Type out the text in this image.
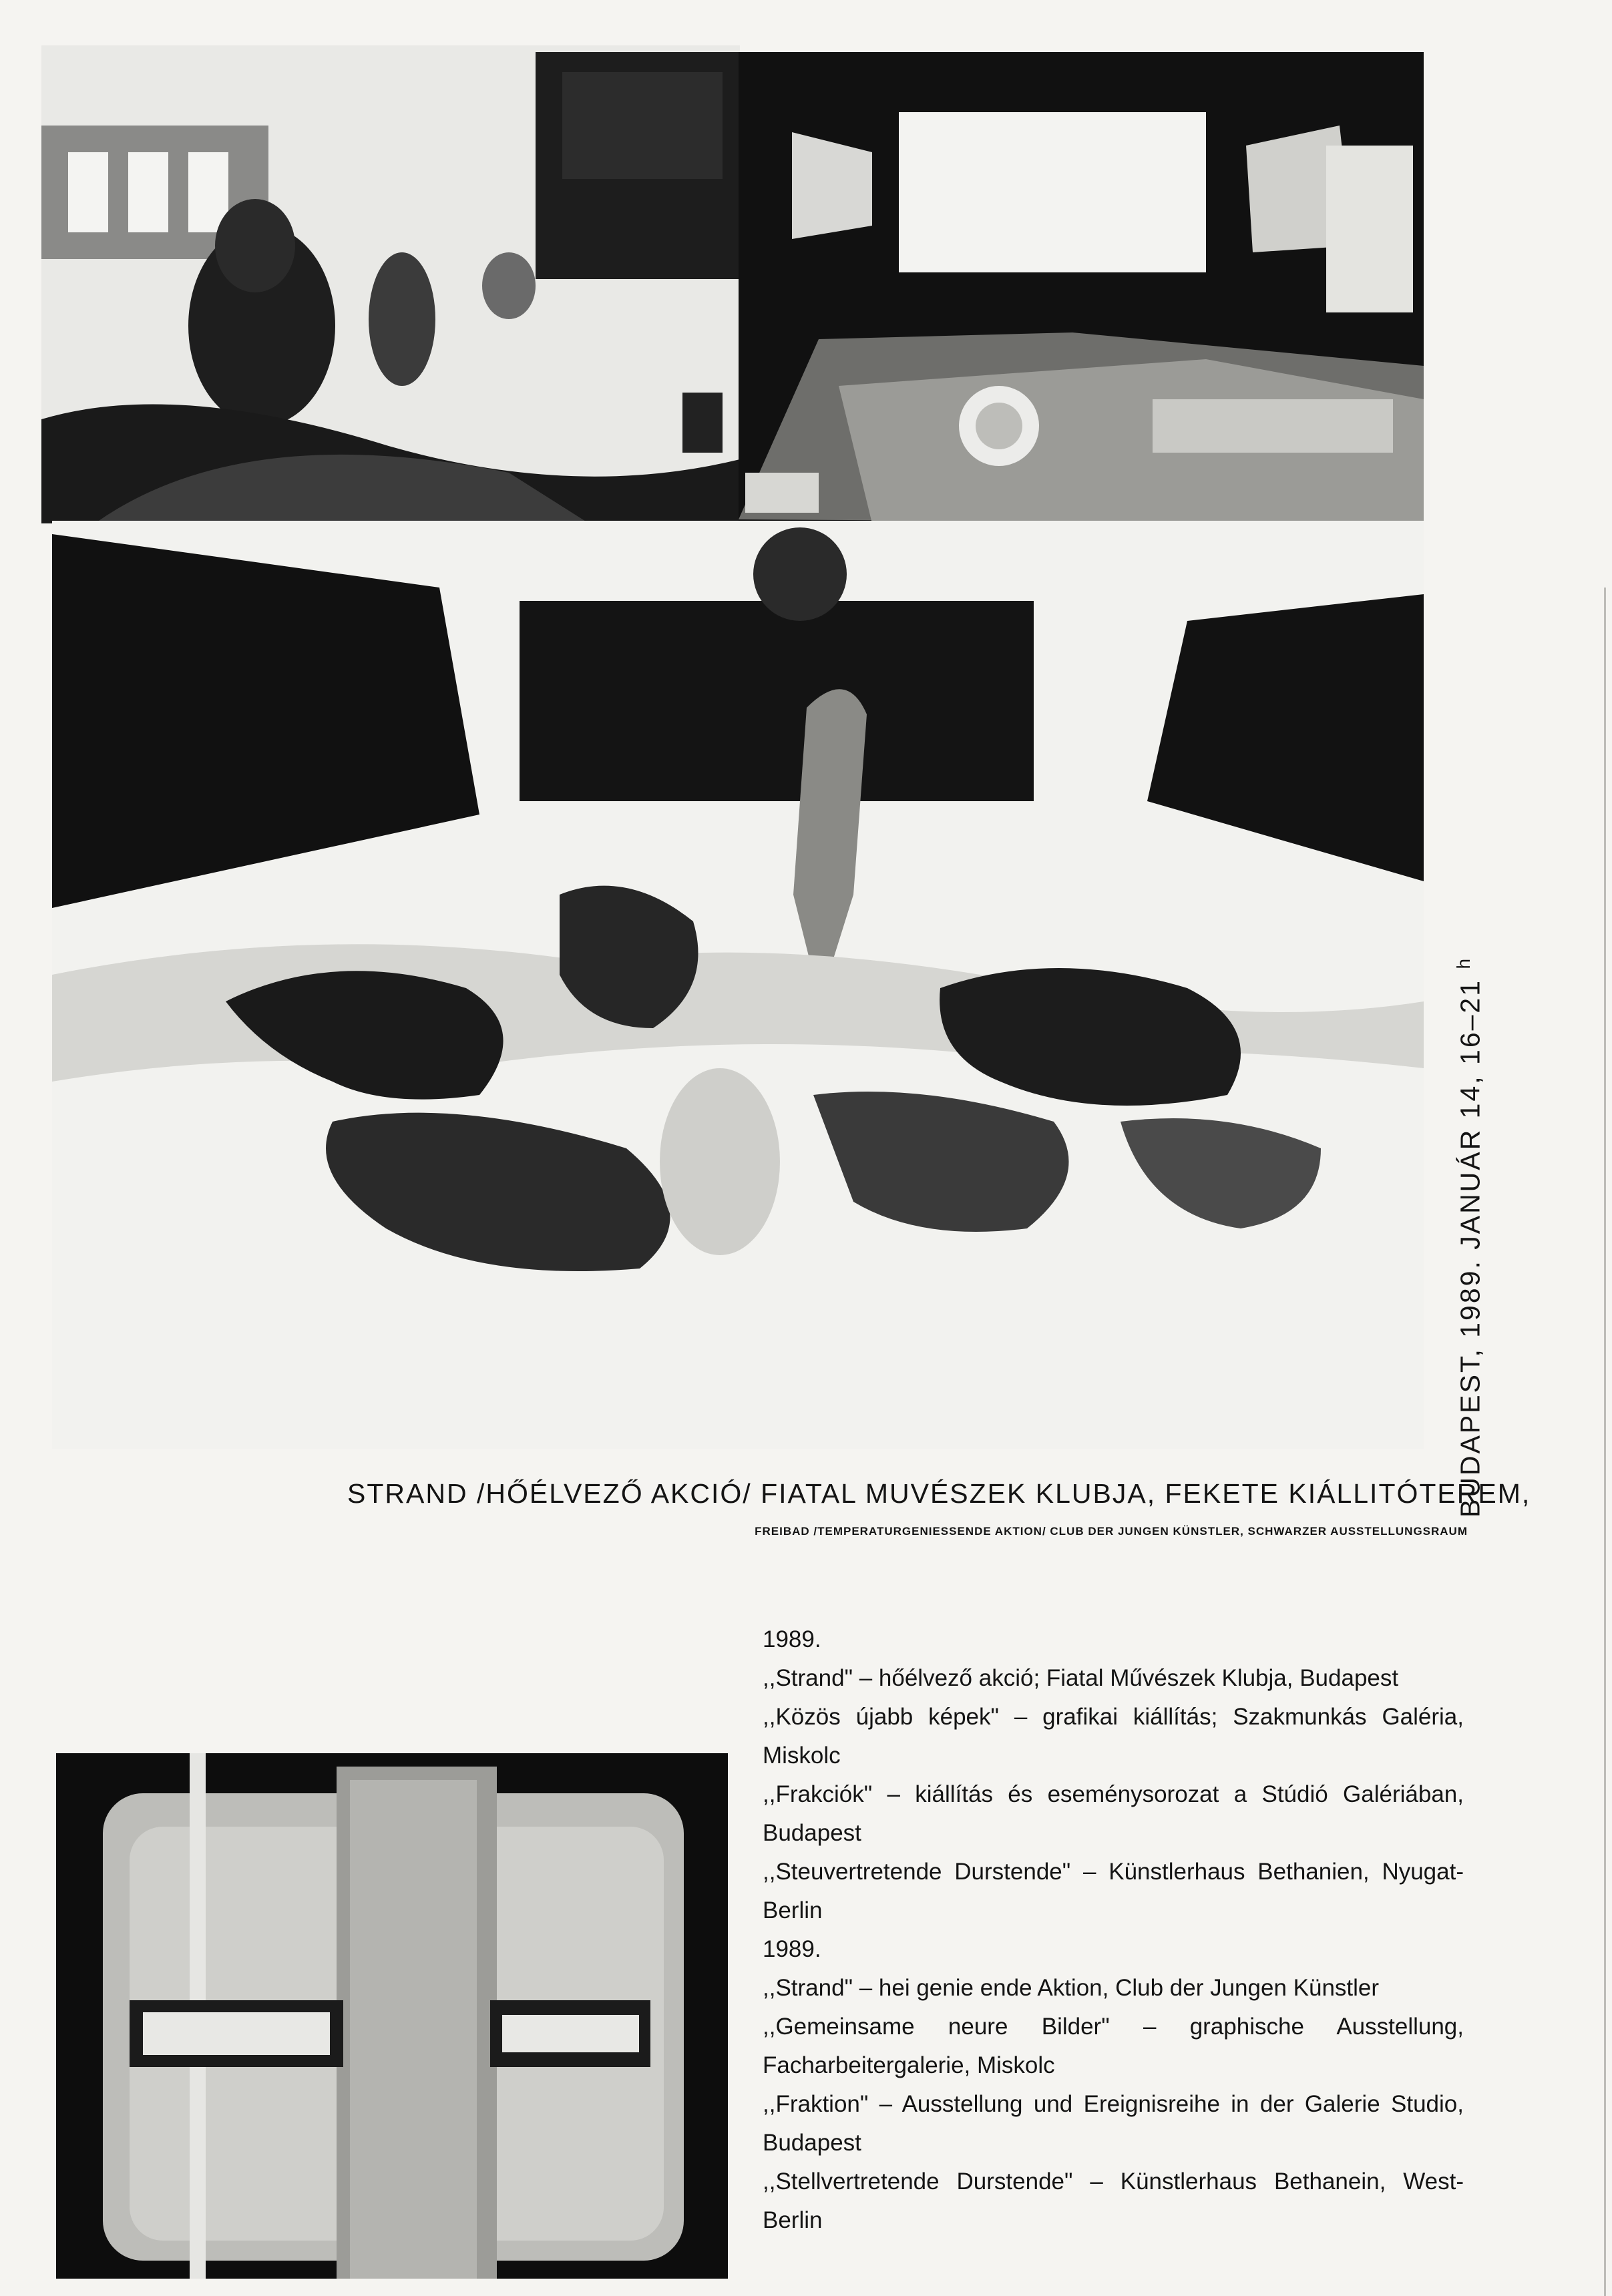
BUDAPEST, 1989. JANUÁR 14, 16–21 $^h$
STRAND /HŐÉLVEZŐ AKCIÓ/ FIATAL MUVÉSZEK KLUBJA, FEKETE KIÁLLITÓTEREM,
FREIBAD /TEMPERATURGENIESSENDE AKTION/ CLUB DER JUNGEN KÜNSTLER, SCHWARZER AUSSTELLUNGSRAUM
1989.
,,Strand" – hőélvező akció; Fiatal Művészek Klubja, Budapest
,,Közös újabb képek" – grafikai kiállítás; Szakmunkás Galéria, Miskolc
,,Frakciók" – kiállítás és eseménysorozat a Stúdió Galériában, Budapest
,,Steuvertretende Durstende" – Künstlerhaus Bethanien, Nyugat-Berlin
1989.
,,Strand" – hei genie ende Aktion, Club der Jungen Künstler
,,Gemeinsame neure Bilder" – graphische Ausstellung, Facharbeitergalerie, Miskolc
,,Fraktion" – Ausstellung und Ereignisreihe in der Galerie Studio, Budapest
,,Stellvertretende Durstende" – Künstlerhaus Bethanein, West-Berlin
